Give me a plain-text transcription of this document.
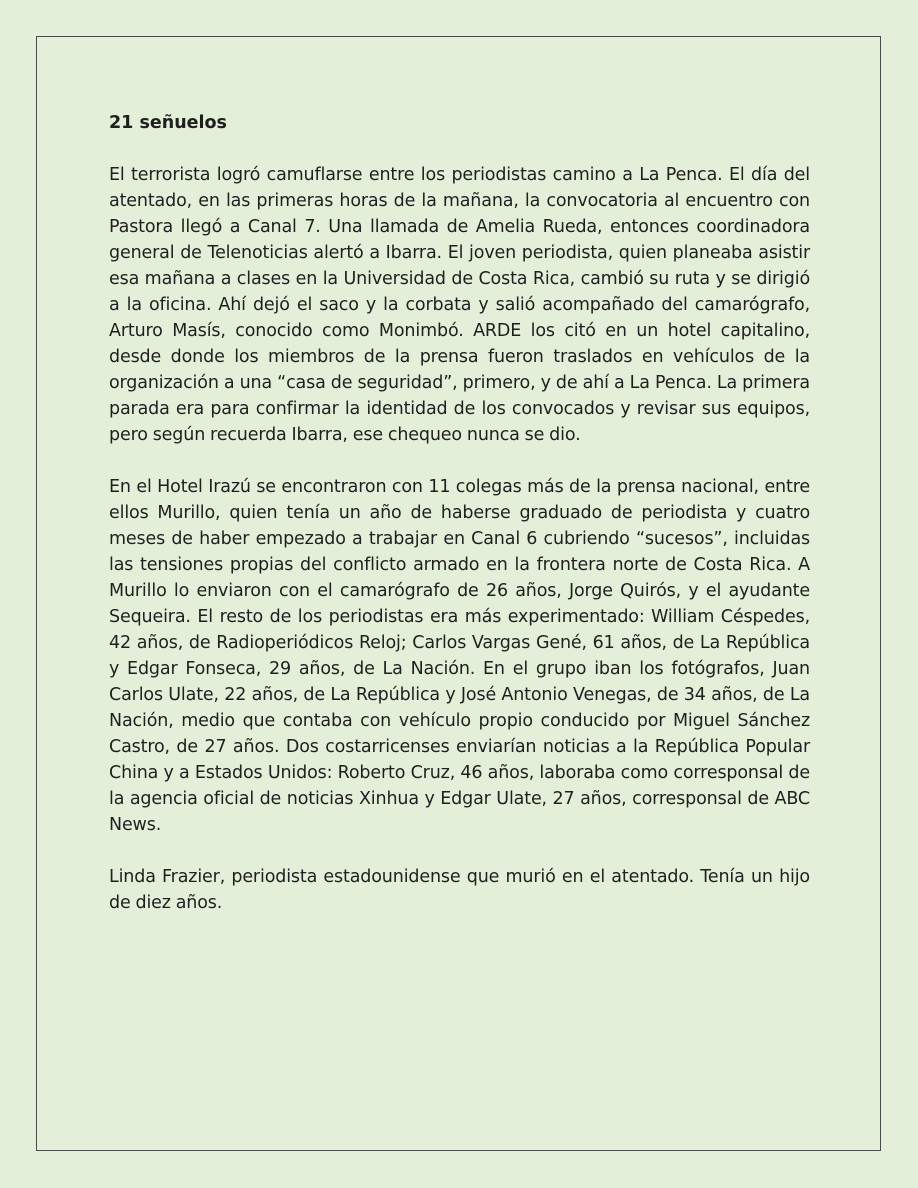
21 señuelos

El terrorista logró camuflarse entre los periodistas camino a La Penca. El día del atentado, en las primeras horas de la mañana, la convocatoria al encuentro con Pastora llegó a Canal 7. Una llamada de Amelia Rueda, entonces coordinadora general de Telenoticias alertó a Ibarra. El joven periodista, quien planeaba asistir esa mañana a clases en la Universidad de Costa Rica, cambió su ruta y se dirigió a la oficina. Ahí dejó el saco y la corbata y salió acompañado del camarógrafo, Arturo Masís, conocido como Monimbó. ARDE los citó en un hotel capitalino, desde donde los miembros de la prensa fueron traslados en vehículos de la organización a una “casa de seguridad”, primero, y de ahí a La Penca. La primera parada era para confirmar la identidad de los convocados y revisar sus equipos, pero según recuerda Ibarra, ese chequeo nunca se dio.

En el Hotel Irazú se encontraron con 11 colegas más de la prensa nacional, entre ellos Murillo, quien tenía un año de haberse graduado de periodista y cuatro meses de haber empezado a trabajar en Canal 6 cubriendo “sucesos”, incluidas las tensiones propias del conflicto armado en la frontera norte de Costa Rica. A Murillo lo enviaron con el camarógrafo de 26 años, Jorge Quirós, y el ayudante Sequeira. El resto de los periodistas era más experimentado: William Céspedes, 42 años, de Radioperiódicos Reloj; Carlos Vargas Gené, 61 años, de La República y Edgar Fonseca, 29 años, de La Nación. En el grupo iban los fotógrafos, Juan Carlos Ulate, 22 años, de La República y José Antonio Venegas, de 34 años, de La Nación, medio que contaba con vehículo propio conducido por Miguel Sánchez Castro, de 27 años. Dos costarricenses enviarían noticias a la República Popular China y a Estados Unidos: Roberto Cruz, 46 años, laboraba como corresponsal de la agencia oficial de noticias Xinhua y Edgar Ulate, 27 años, corresponsal de ABC News.

Linda Frazier, periodista estadounidense que murió en el atentado. Tenía un hijo de diez años.
